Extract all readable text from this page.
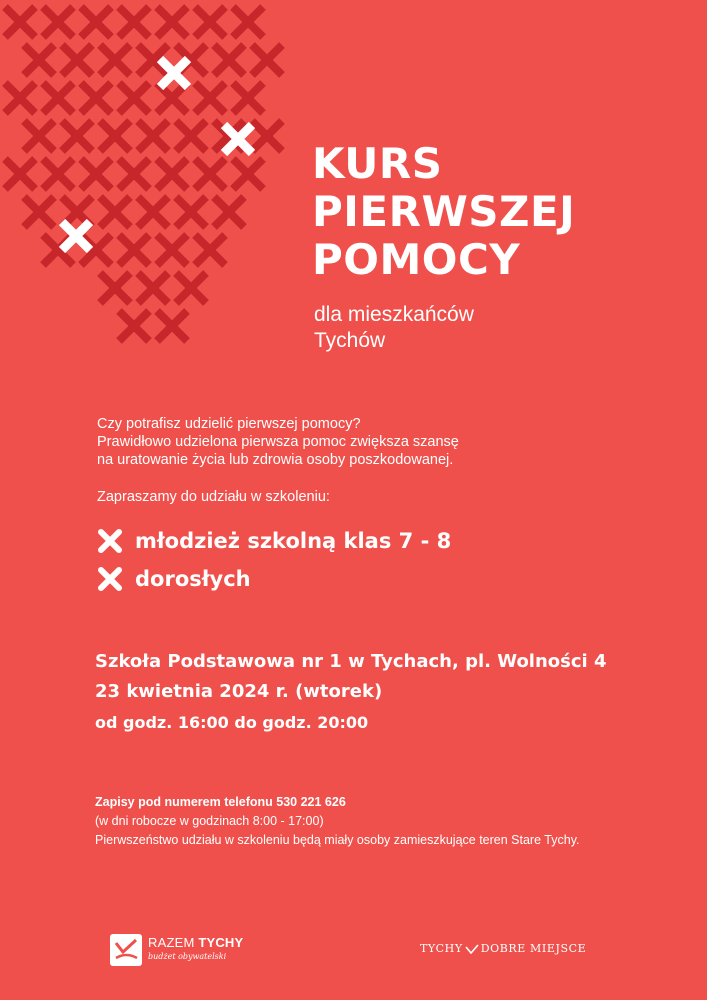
KURS
PIERWSZEJ
POMOCY
dla mieszkańców
Tychów
Czy potrafisz udzielić pierwszej pomocy?
Prawidłowo udzielona pierwsza pomoc zwiększa szansę
na uratowanie życia lub zdrowia osoby poszkodowanej.
Zapraszamy do udziału w szkoleniu:
młodzież szkolną klas 7 - 8
dorosłych
Szkoła Podstawowa nr 1 w Tychach, pl. Wolności 4
23 kwietnia 2024 r. (wtorek)
od godz. 16:00 do godz. 20:00
Zapisy pod numerem telefonu 530 221 626
(w dni robocze w godzinach 8:00 - 17:00)
Pierwszeństwo udziału w szkoleniu będą miały osoby zamieszkujące teren Stare Tychy.
RAZEM TYCHY
budżet obywatelski
TYCHY DOBRE MIEJSCE
